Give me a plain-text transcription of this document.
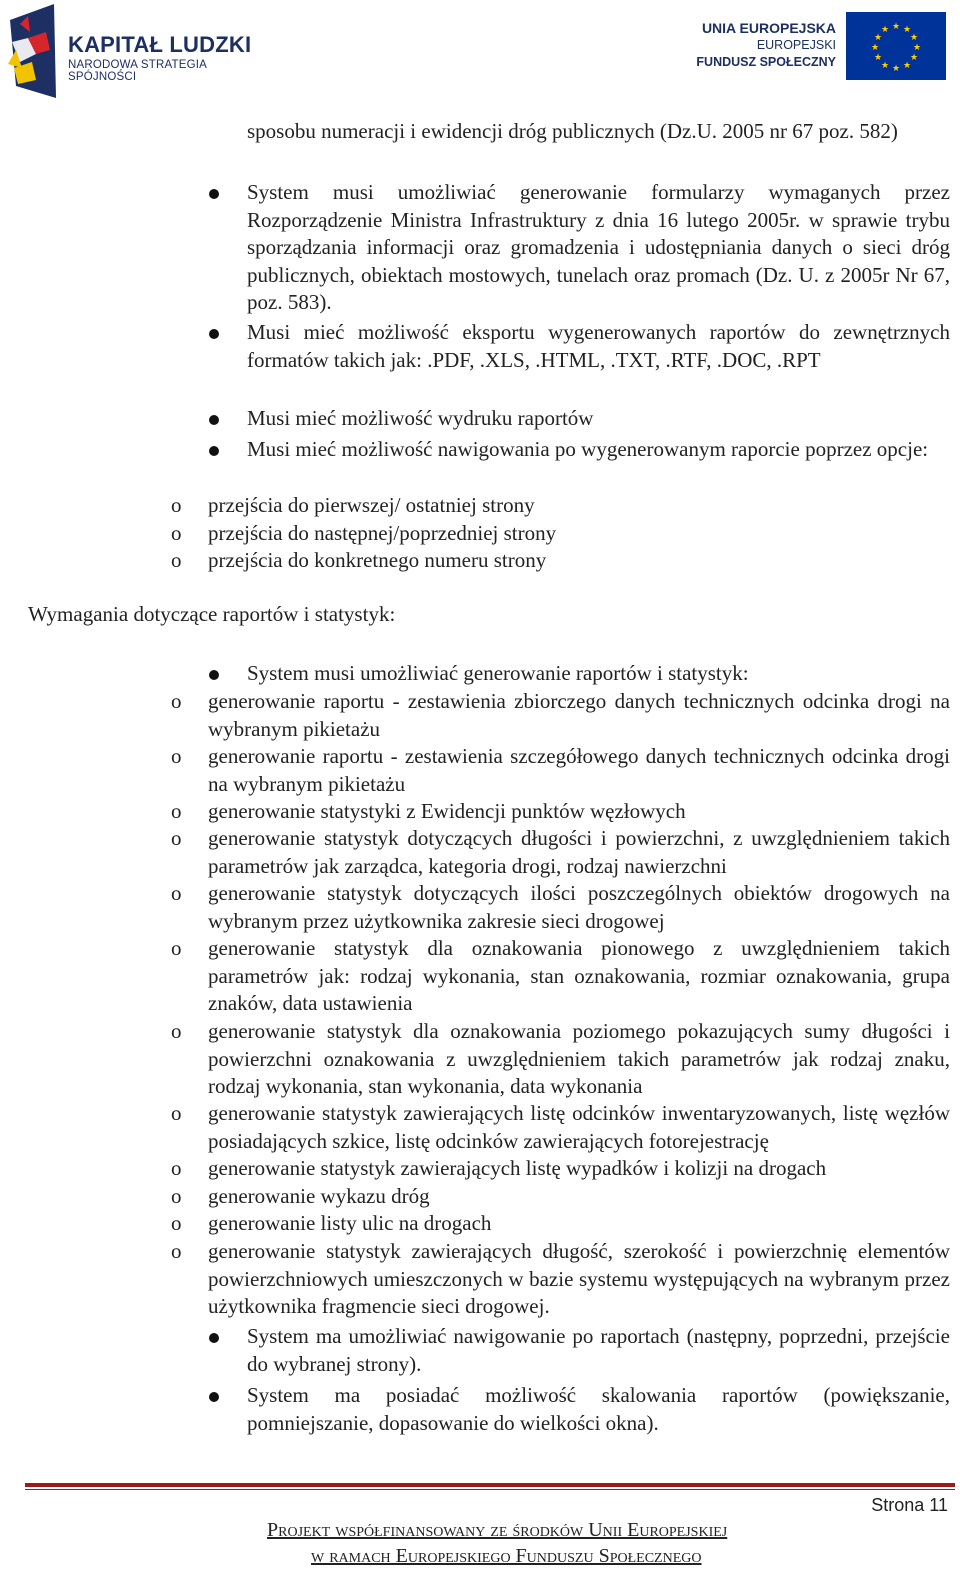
KAPITAŁ LUDZKI
NARODOWA STRATEGIA SPÓJNOŚCI
UNIA EUROPEJSKA
EUROPEJSKI
FUNDUSZ SPOŁECZNY
★ ★
★
★
★
★
★
★
★
★
★
★
sposobu numeracji i ewidencji dróg publicznych (Dz.U. 2005 nr 67 poz. 582)
System musi umożliwiać generowanie formularzy wymaganych przez Rozporządzenie Ministra Infrastruktury z dnia 16 lutego 2005r. w sprawie trybu sporządzania informacji oraz gromadzenia i udostępniania danych o sieci dróg publicznych, obiektach mostowych, tunelach oraz promach (Dz. U. z 2005r Nr 67, poz. 583).
Musi mieć możliwość eksportu wygenerowanych raportów do zewnętrznych formatów takich jak: .PDF, .XLS, .HTML, .TXT, .RTF, .DOC, .RPT
Musi mieć możliwość wydruku raportów
Musi mieć możliwość nawigowania po wygenerowanym raporcie poprzez opcje:
o przejścia do pierwszej/ ostatniej strony
o przejścia do następnej/poprzedniej strony
o przejścia do konkretnego numeru strony
Wymagania dotyczące raportów i statystyk:
System musi umożliwiać generowanie raportów i statystyk:
o generowanie raportu - zestawienia zbiorczego danych technicznych odcinka drogi na wybranym pikietażu
o generowanie raportu - zestawienia szczegółowego danych technicznych odcinka drogi na wybranym pikietażu
o generowanie statystyki z Ewidencji punktów węzłowych
o generowanie statystyk dotyczących długości i powierzchni, z uwzględnieniem takich parametrów jak zarządca, kategoria drogi, rodzaj nawierzchni
o generowanie statystyk dotyczących ilości poszczególnych obiektów drogowych na wybranym przez użytkownika zakresie sieci drogowej
o generowanie statystyk dla oznakowania pionowego z uwzględnieniem takich parametrów jak: rodzaj wykonania, stan oznakowania, rozmiar oznakowania, grupa znaków, data ustawienia
o generowanie statystyk dla oznakowania poziomego pokazujących sumy długości i powierzchni oznakowania z uwzględnieniem takich parametrów jak rodzaj znaku, rodzaj wykonania, stan wykonania, data wykonania
o generowanie statystyk zawierających listę odcinków inwentaryzowanych, listę węzłów posiadających szkice, listę odcinków zawierających fotorejestrację
o generowanie statystyk zawierających listę wypadków i kolizji na drogach
o generowanie wykazu dróg
o generowanie listy ulic na drogach
o generowanie statystyk zawierających długość, szerokość i powierzchnię elementów powierzchniowych umieszczonych w bazie systemu występujących na wybranym przez użytkownika fragmencie sieci drogowej.
System ma umożliwiać nawigowanie po raportach (następny, poprzedni, przejście do wybranej strony).
System ma posiadać możliwość skalowania raportów (powiększanie, pomniejszanie, dopasowanie do wielkości okna).
Strona 11
Projekt współfinansowany ze środków Unii Europejskiej
w ramach Europejskiego Funduszu Społecznego
